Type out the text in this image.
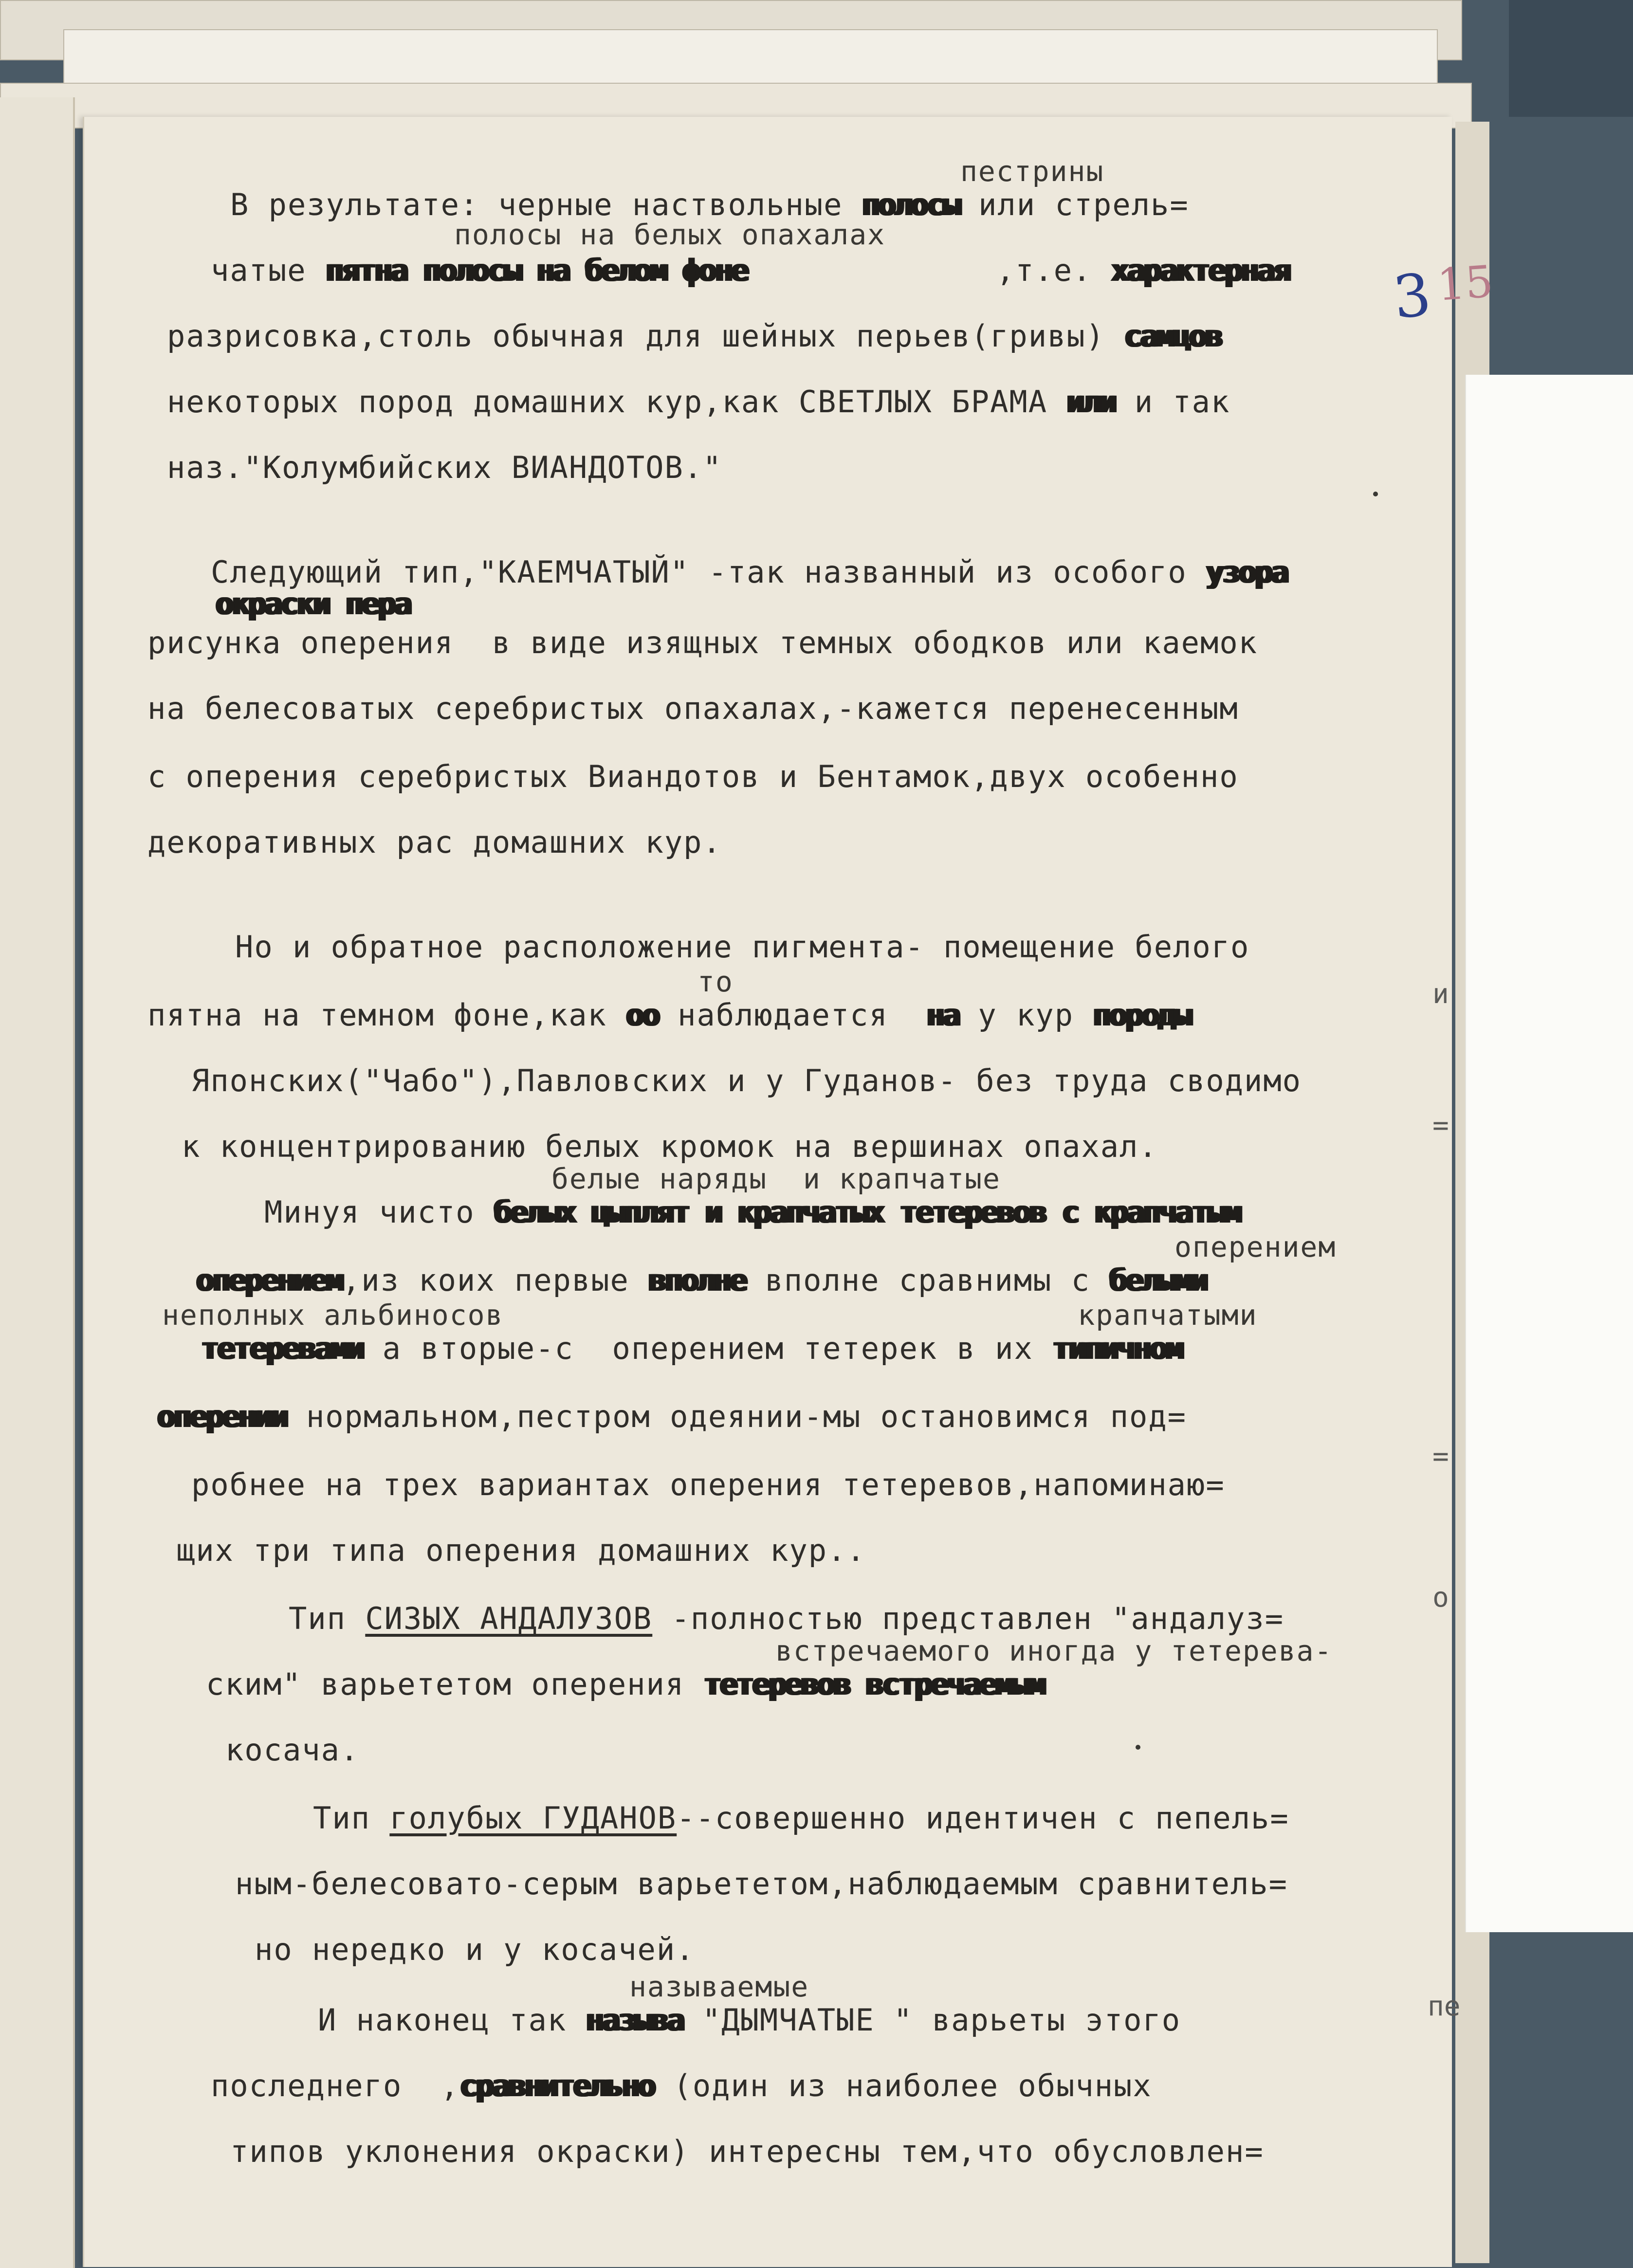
3 15
пестрины
В результате: черные наствольные полосы или стрель=
полосы на белых опахалах
чатые пятна полосы на белом фоне             ,т.е. характерная
разрисовка,столь обычная для шейных перьев(гривы) самцов
некоторых пород домашних кур,как СВЕТЛЫХ БРАМА или и так
наз."Колумбийских ВИАНДОТОВ."
Следующий тип,"КАЕМЧАТЫЙ" -так названный из особого узора
окраски пера
рисунка оперения  в виде изящных темных ободков или каемок
на белесоватых серебристых опахалах,-кажется перенесенным
с оперения серебристых Виандотов и Бентамок,двух особенно
декоративных рас домашних кур.
Но и обратное расположение пигмента- помещение белого
то
пятна на темном фоне,как оо наблюдается  на у кур породы
Японских("Чабо"),Павловских и у Гуданов- без труда сводимо
к концентрированию белых кромок на вершинах опахал.
белые наряды  и крапчатые
Минуя чисто белых цыплят и крапчатых тетеревов с крапчатым
оперением
оперением,из коих первые вполне вполне сравнимы с белыми
неполных альбиносов	крапчатыми
тетеревами а вторые-с  оперением тетерек в их типичном
оперении нормальном,пестром одеянии-мы остановимся под=
робнее на трех вариантах оперения тетеревов,напоминаю=
щих три типа оперения домашних кур..
Тип СИЗЫХ АНДАЛУЗОВ -полностью представлен "андалуз=
встречаемого иногда у тетерева-
ским" варьететом оперения тетеревов встречаемым
косача.
Тип голубых ГУДАНОВ--совершенно идентичен с пепель=
ным-белесовато-серым варьететом,наблюдаемым сравнитель=
но нередко и у косачей.
называемые
И наконец так называ "ДЫМЧАТЫЕ " варьеты этого
последнего  ,сравнительно (один из наиболее обычных
типов уклонения окраски) интересны тем,что обусловлен=
и
=
=
о
пе
